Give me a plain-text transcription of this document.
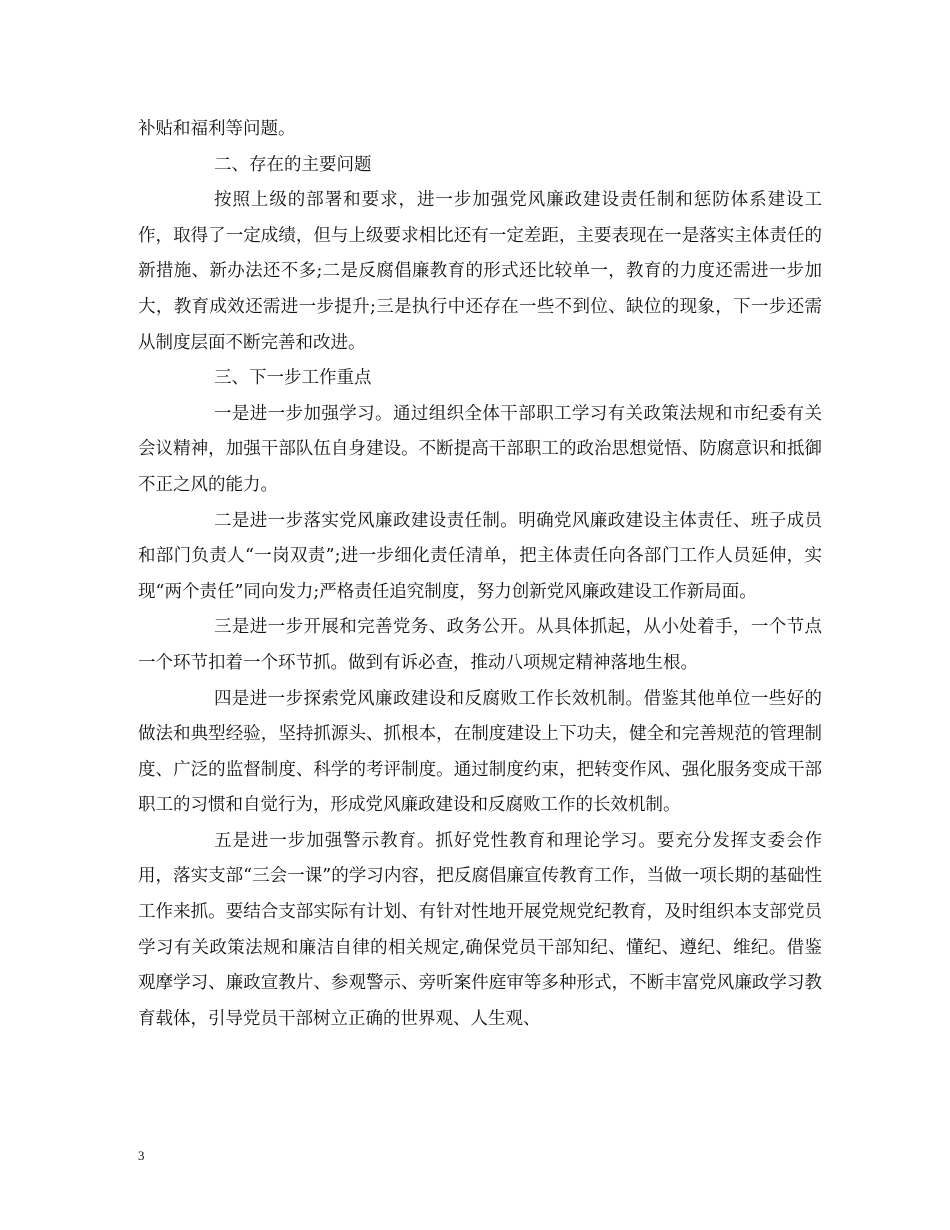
补贴和福利等问题。

二、存在的主要问题

按照上级的部署和要求，进一步加强党风廉政建设责任制和惩防体系建设工作，取得了一定成绩，但与上级要求相比还有一定差距，主要表现在一是落实主体责任的新措施、新办法还不多;二是反腐倡廉教育的形式还比较单一，教育的力度还需进一步加大，教育成效还需进一步提升;三是执行中还存在一些不到位、缺位的现象，下一步还需从制度层面不断完善和改进。

三、下一步工作重点

一是进一步加强学习。通过组织全体干部职工学习有关政策法规和市纪委有关会议精神，加强干部队伍自身建设。不断提高干部职工的政治思想觉悟、防腐意识和抵御不正之风的能力。

二是进一步落实党风廉政建设责任制。明确党风廉政建设主体责任、班子成员和部门负责人“一岗双责”;进一步细化责任清单，把主体责任向各部门工作人员延伸，实现“两个责任”同向发力;严格责任追究制度，努力创新党风廉政建设工作新局面。

三是进一步开展和完善党务、政务公开。从具体抓起，从小处着手，一个节点一个环节扣着一个环节抓。做到有诉必查，推动八项规定精神落地生根。

四是进一步探索党风廉政建设和反腐败工作长效机制。借鉴其他单位一些好的做法和典型经验，坚持抓源头、抓根本，在制度建设上下功夫，健全和完善规范的管理制度、广泛的监督制度、科学的考评制度。通过制度约束，把转变作风、强化服务变成干部职工的习惯和自觉行为，形成党风廉政建设和反腐败工作的长效机制。

五是进一步加强警示教育。抓好党性教育和理论学习。要充分发挥支委会作用，落实支部“三会一课”的学习内容，把反腐倡廉宣传教育工作，当做一项长期的基础性工作来抓。要结合支部实际有计划、有针对性地开展党规党纪教育，及时组织本支部党员学习有关政策法规和廉洁自律的相关规定,确保党员干部知纪、懂纪、遵纪、维纪。借鉴观摩学习、廉政宣教片、参观警示、旁听案件庭审等多种形式，不断丰富党风廉政学习教育载体，引导党员干部树立正确的世界观、人生观、

3
